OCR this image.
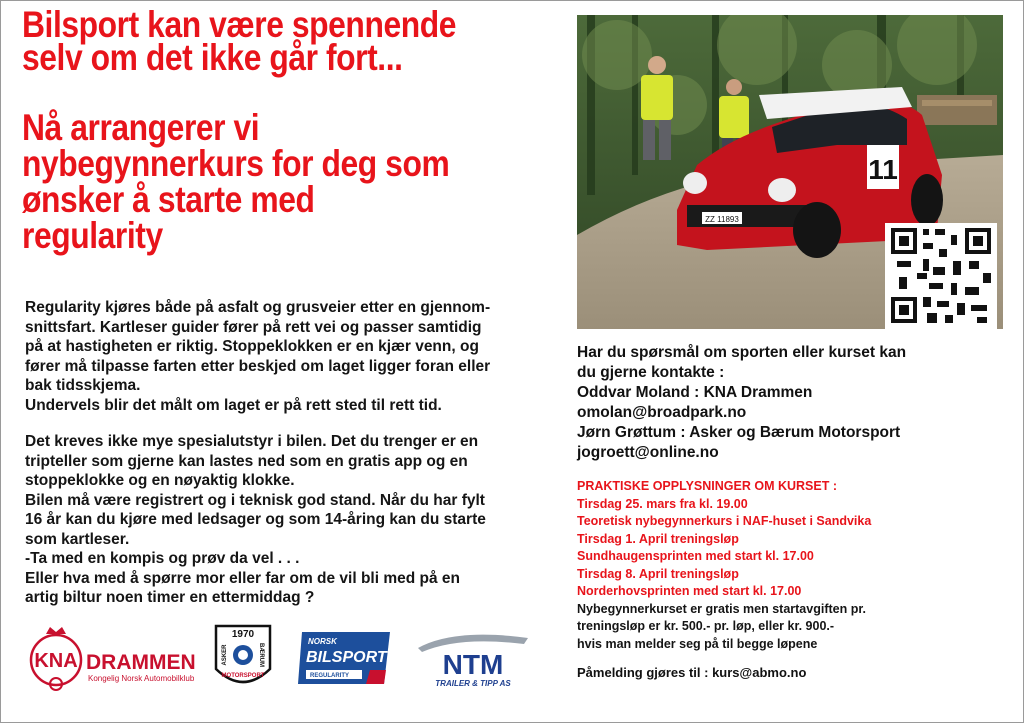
Bilsport kan være spennende
selv om det ikke går fort...
Nå arrangerer vi
nybegynnerkurs for deg som
ønsker å starte med
regularity
Regularity kjøres både på asfalt og grusveier etter en gjennom-
snittsfart. Kartleser guider fører på rett vei og passer samtidig
på at hastigheten er riktig. Stoppeklokken er en kjær venn, og
fører må tilpasse farten etter beskjed om laget ligger foran eller
bak tidsskjema.
Undervels blir det målt om laget er på rett sted til rett tid.
Det kreves ikke mye spesialutstyr i bilen. Det du trenger er en
tripteller som gjerne kan lastes ned som en gratis app og en
stoppeklokke og en nøyaktig klokke.
Bilen må være registrert og i teknisk god stand. Når du har fylt
16 år kan du kjøre med ledsager og som 14-åring kan du starte
som kartleser.
-Ta med en kompis og prøv da vel . . .
Eller hva med å spørre mor eller far om de vil bli med på en
artig biltur noen timer en ettermiddag ?
11
ZZ 11893
Har du spørsmål om sporten eller kurset kan
du gjerne kontakte :
Oddvar Moland : KNA Drammen
omolan@broadpark.no
Jørn Grøttum : Asker og Bærum Motorsport
jogroett@online.no
PRAKTISKE OPPLYSNINGER OM KURSET :
Tirsdag 25. mars fra kl. 19.00
Teoretisk nybegynnerkurs i NAF-huset i Sandvika
Tirsdag 1. April treningsløp
Sundhaugensprinten med start kl. 17.00
Tirsdag 8. April treningsløp
Norderhovsprinten med start kl. 17.00
Nybegynnerkurset er gratis men startavgiften pr.
treningsløp er kr. 500.- pr. løp, eller kr. 900.-
hvis man melder seg på til begge løpene
Påmelding gjøres til : kurs@abmo.no
KNA DRAMMEN
Kongelig Norsk Automobilklub
1970
ASKER	BÆRUM
MOTORSPORT
NORSK
BILSPORT
REGULARITY	NTM
TRAILER & TIPP AS
